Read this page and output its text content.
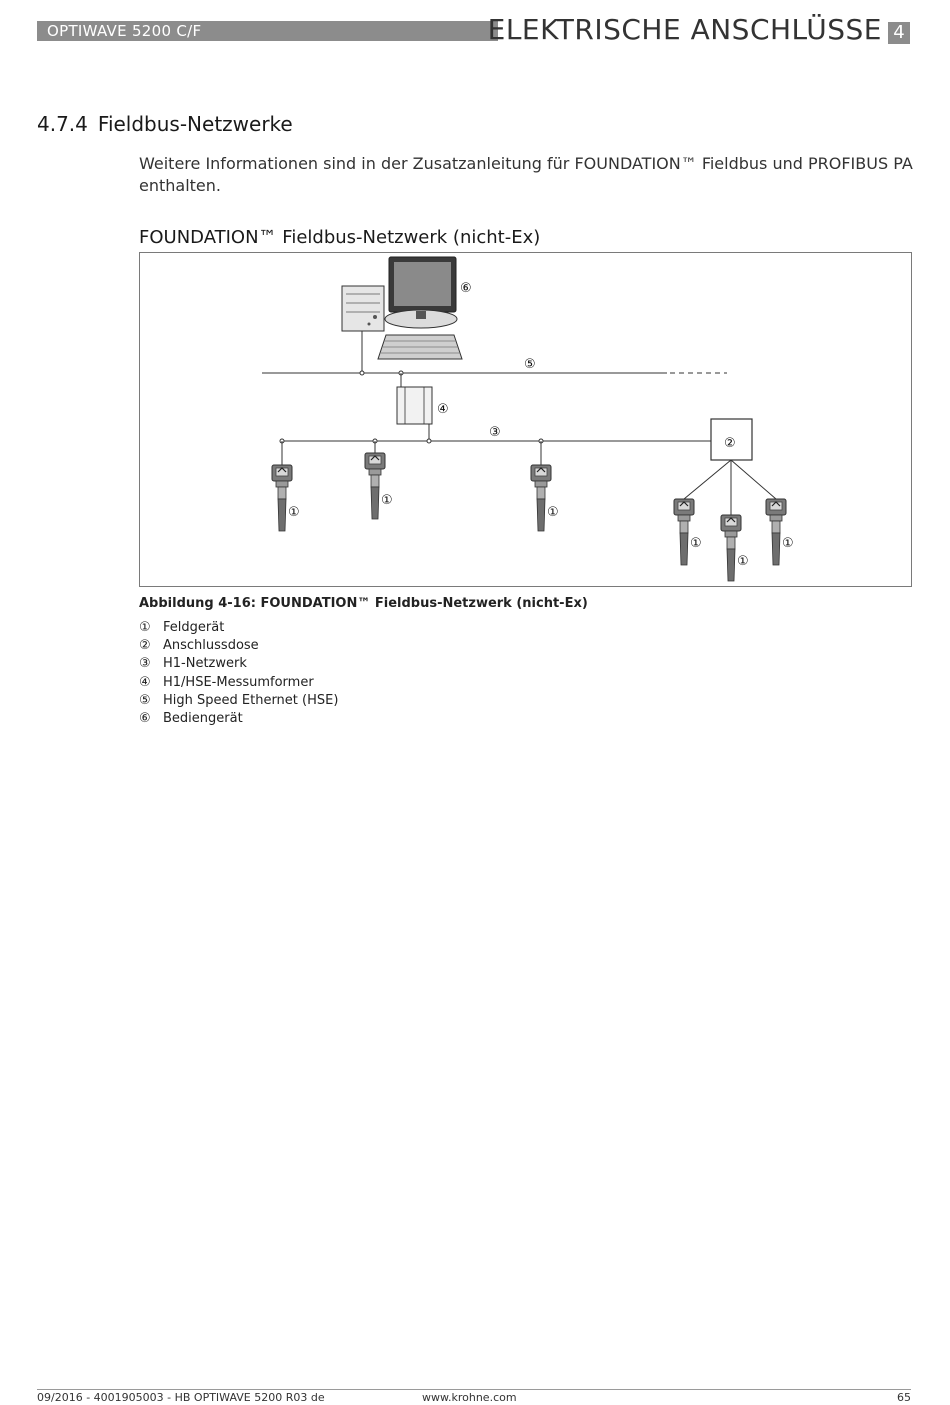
OPTIWAVE 5200 C/F	ELEKTRISCHE ANSCHLÜSSE 4
4.7.4 Fieldbus-Netzwerke

Weitere Informationen sind in der Zusatzanleitung für FOUNDATION™ Fieldbus und PROFIBUS PA enthalten.

FOUNDATION™ Fieldbus-Netzwerk (nicht-Ex)
⑥
⑤
④
③
②
①
①
①
①
①
①
Abbildung 4-16: FOUNDATION™ Fieldbus-Netzwerk (nicht-Ex)
① Feldgerät
② Anschlussdose
③ H1-Netzwerk
④ H1/HSE-Messumformer
⑤ High Speed Ethernet (HSE)
⑥ Bediengerät
09/2016 - 4001905003 - HB OPTIWAVE 5200 R03 de	www.krohne.com	65
